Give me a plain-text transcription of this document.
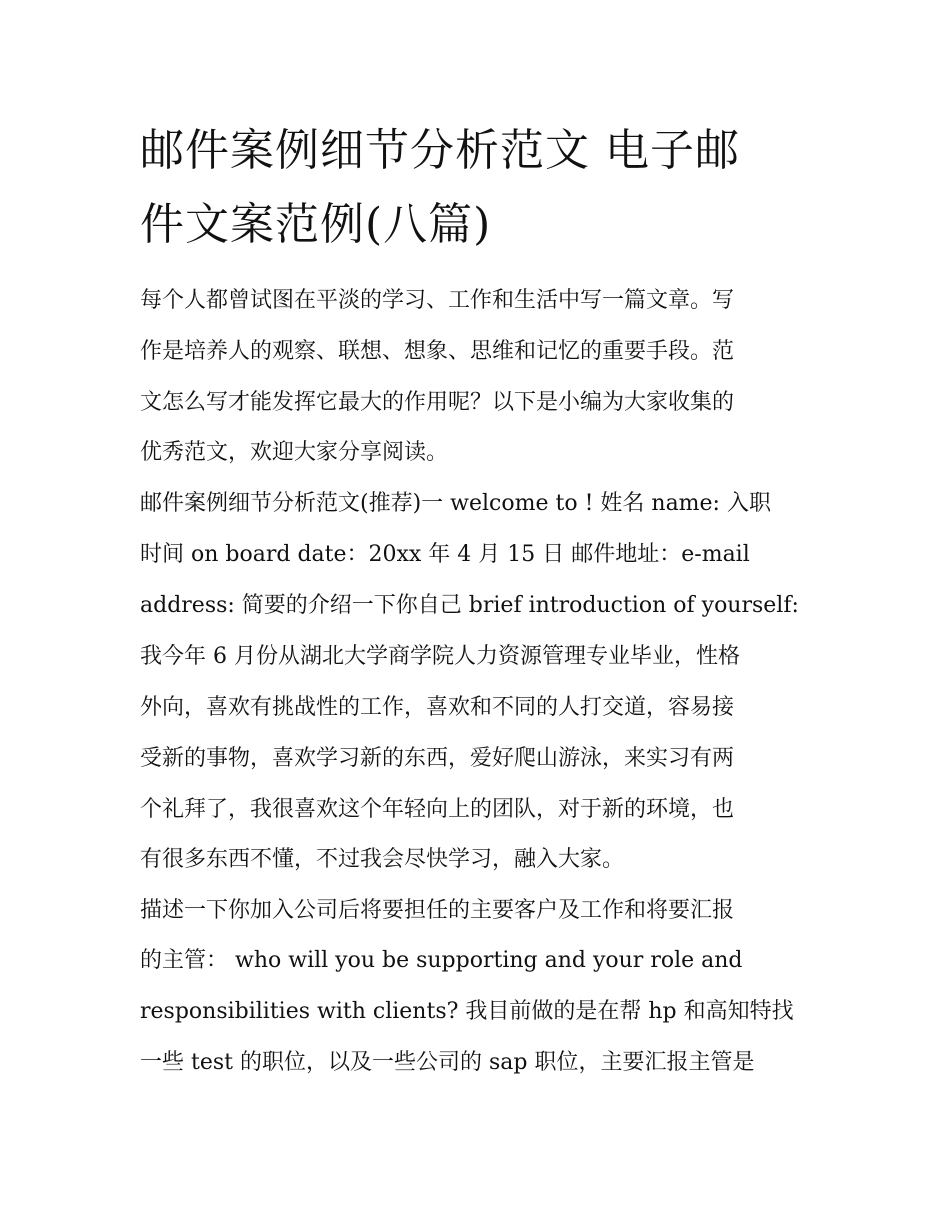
邮件案例细节分析范文 电子邮
件文案范例(八篇)

每个人都曾试图在平淡的学习、工作和生活中写一篇文章。写

作是培养人的观察、联想、想象、思维和记忆的重要手段。范

文怎么写才能发挥它最大的作用呢？以下是小编为大家收集的

优秀范文，欢迎大家分享阅读。

邮件案例细节分析范文(推荐)一 welcome to ! 姓名 name: 入职

时间 on board date：20xx 年 4 月 15 日 邮件地址：e-mail

address: 简要的介绍一下你自己 brief introduction of yourself:

我今年 6 月份从湖北大学商学院人力资源管理专业毕业，性格

外向，喜欢有挑战性的工作，喜欢和不同的人打交道，容易接

受新的事物，喜欢学习新的东西，爱好爬山游泳，来实习有两

个礼拜了，我很喜欢这个年轻向上的团队，对于新的环境，也

有很多东西不懂，不过我会尽快学习，融入大家。

描述一下你加入公司后将要担任的主要客户及工作和将要汇报

的主管： who will you be supporting and your role and

responsibilities with clients? 我目前做的是在帮 hp 和高知特找

一些 test 的职位，以及一些公司的 sap 职位，主要汇报主管是
